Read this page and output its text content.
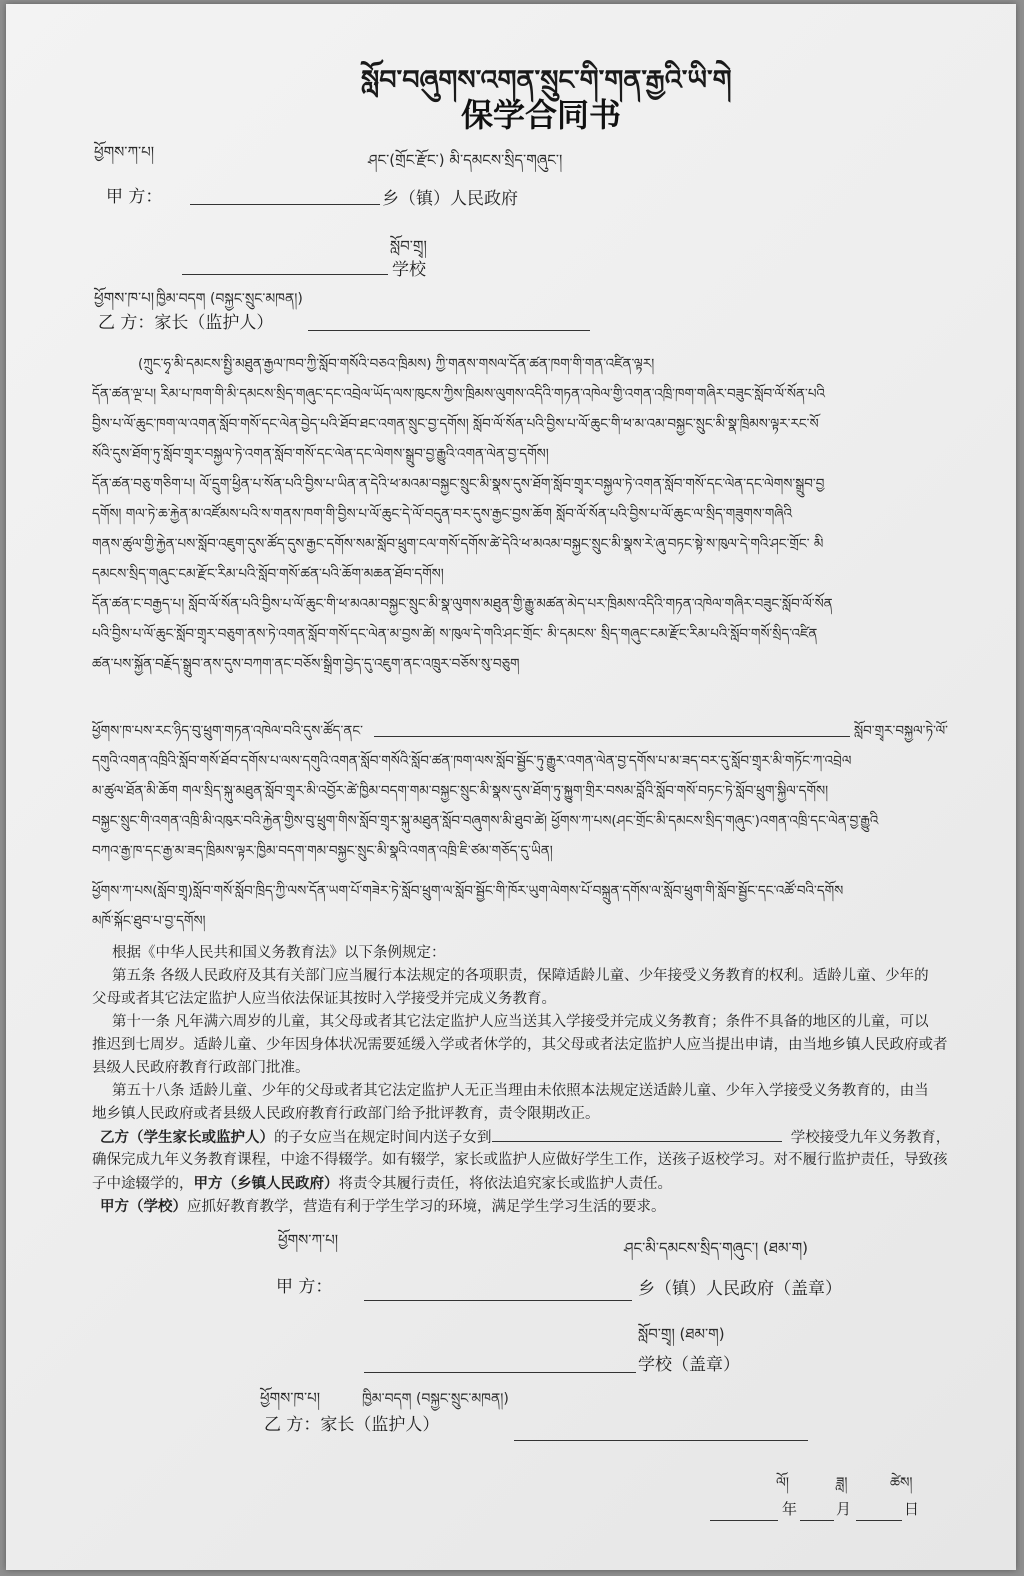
སློབ་བཞུགས་འགན་སྲུང་གི་གན་རྒྱའི་ཡི་གེ
保学合同书
ཕྱོགས་ཀ་པ།	ཤང་(གྲོང་རྫོང་) མི་དམངས་སྲིད་གཞུང་།
甲 方：	乡（镇）人民政府
སློབ་གྲྭ།
学校
ཕྱོགས་ཁ་པ། ཁྱིམ་བདག (བསྐྱང་སྲུང་མཁན།)
乙 方：家长（监护人）
(ཀྲུང་ཧྭ་མི་དམངས་སྤྱི་མཐུན་རྒྱལ་ཁབ་ཀྱི་སློབ་གསོའི་བཅའ་ཁྲིམས) ཀྱི་གནས་གསལ་དོན་ཚན་ཁག་གི་གན་འཛིན་ལྟར།
དོན་ཚན་ལྔ་པ། རིམ་པ་ཁག་གི་མི་དམངས་སྲིད་གཞུང་དང་འབྲེལ་ཡོད་ལས་ཁུངས་ཀྱིས་ཁྲིམས་ལུགས་འདིའི་གཏན་འཁེལ་གྱི་འགན་འཁྲི་ཁག་གཞིར་བཟུང་སློབ་ལོ་སོན་པའི
བྱིས་པ་ལོ་ཆུང་ཁག་ལ་འགན་སློབ་གསོ་དང་ལེན་བྱེད་པའི་ཐོབ་ཐང་འགན་སྲུང་བྱ་དགོས། སློབ་ལོ་སོན་པའི་བྱིས་པ་ལོ་ཆུང་གི་ཕ་མ་འམ་བསྐྱང་སྲུང་མི་སྣ་ཁྲིམས་ལྟར་རང་སོ
སོའི་དུས་ཐོག་ཏུ་སློབ་གྲྭར་བསྐྱལ་ཏེ་འགན་སློབ་གསོ་དང་ལེན་དང་ལེགས་སྒྲུབ་བྱ་རྒྱུའི་འགན་ལེན་བྱ་དགོས།
དོན་ཚན་བཅུ་གཅིག་པ། ལོ་དྲུག་ཕྱིན་པ་སོན་པའི་བྱིས་པ་ཡིན་ན་དེའི་ཕ་མའམ་བསྐྱང་སྲུང་མི་སྣས་དུས་ཐོག་སློབ་གྲྭར་བསྐྱལ་ཏེ་འགན་སློབ་གསོ་དང་ལེན་དང་ལེགས་སྒྲུབ་བྱ
དགོས། གལ་ཏེ་ཆ་རྐྱེན་མ་འཛོམས་པའི་ས་གནས་ཁག་གི་བྱིས་པ་ལོ་ཆུང་དེ་ལོ་བདུན་བར་དུས་རྒྱང་བྱས་ཆོག སློབ་ལོ་སོན་པའི་བྱིས་པ་ལོ་ཆུང་ལ་སྲིད་གཟུགས་གཞིའི
གནས་ཚུལ་གྱི་རྐྱེན་པས་སློབ་འཇུག་དུས་ཚོད་དུས་རྒྱང་དགོས་སམ་སློབ་ཕྲུག་ངལ་གསོ་དགོས་ཚེ་དེའི་ཕ་མའམ་བསྐྱང་སྲུང་མི་སྣས་རེ་ཞུ་བཏང་སྟེ་ས་ཁུལ་དེ་གའི་ཤང་གྲོང་ མི
དམངས་སྲིད་གཞུང་ངམ་རྫོང་རིམ་པའི་སློབ་གསོ་ཚན་པའི་ཆོག་མཆན་ཐོབ་དགོས།
དོན་ཚན་ང་བརྒྱད་པ། སློབ་ལོ་སོན་པའི་བྱིས་པ་ལོ་ཆུང་གི་ཕ་མའམ་བསྐྱང་སྲུང་མི་སྣ་ལུགས་མཐུན་གྱི་རྒྱུ་མཚན་མེད་པར་ཁྲིམས་འདིའི་གཏན་འཁེལ་གཞིར་བཟུང་སློབ་ལོ་སོན
པའི་བྱིས་པ་ལོ་ཆུང་སློབ་གྲྭར་བཅུག་ནས་ཏེ་འགན་སློབ་གསོ་དང་ལེན་མ་བྱས་ཚེ། ས་ཁུལ་དེ་གའི་ཤང་གྲོང་ མི་དམངས་ སྲིད་གཞུང་ངམ་རྫོང་རིམ་པའི་སློབ་གསོ་སྲིད་འཛིན
ཚན་པས་སྐྱོན་བརྗོད་སྒྲུབ་ནས་དུས་བཀག་ནང་བཅོས་སྒྲིག་བྱེད་དུ་འཇུག་ནང་འཁྲུར་བཅོས་སུ་བཅུག
ཕྱོགས་ཁ་པས་རང་ཉིད་བུ་ཕྲུག་གཏན་འཁེལ་བའི་དུས་ཚོད་ནང་	སློབ་གྲྭར་བསྐྱལ་ཏེ་ལོ་
དགུའི་འགན་འཁྲིའི་སློབ་གསོ་ཐོབ་དགོས་པ་ལས་དགུའི་འགན་སློབ་གསོའི་སློབ་ཚན་ཁག་ལས་སློབ་སྦྱོང་ཏུ་རྒྱུར་འགན་ལེན་བྱ་དགོས་པ་མ་ཟད་བར་དུ་སློབ་གྲྭར་མི་གཏོང་ཀ་འབྲེལ
མ་ཚུལ་ཐོན་མི་ཆོག གལ་སྲིད་སྐུ་མཐུན་སློབ་གྲྭར་མི་འབྱོར་ཚེ་ཁྱིམ་བདག་གམ་བསྐྱང་སྲུང་མི་སྣས་དུས་ཐོག་ཏུ་སྐྱུག་གྲིར་བསམ་བློའི་སློབ་གསོ་བཏང་ཏེ་སློབ་ཕྲུག་སྐྱིལ་དགོས།
བསྐྱང་སྲུང་གི་འགན་འཁྲི་མི་འཁུར་བའི་རྐྱེན་གྱིས་བུ་ཕྲུག་གིས་སློབ་གྲྭར་སྐུ་མཐུན་སློབ་བཞུགས་མི་ཐུབ་ཚེ། ཕྱོགས་ཀ་པས(ཤང་གྲོང་མི་དམངས་སྲིད་གཞུང་)འགན་འཁྲི་དང་ལེན་བྱ་རྒྱུའི
བཀའ་རྒྱ་ཁ་དང་རྒྱ་མ་ཟད་ཁྲིམས་ལྟར་ཁྱིམ་བདག་གམ་བསྐྱང་སྲུང་མི་སྣའི་འགན་འཁྲི་ཇི་ཙམ་གཅོད་དུ་ཡིན།
ཕྱོགས་ཀ་པས(སློབ་གྲྭ)སློབ་གསོ་སློབ་ཁྲིད་ཀྱི་ལས་དོན་ཡག་པོ་གཟེར་ཏེ་སློབ་ཕྲུག་ལ་སློབ་སྦྱོང་གི་ཁོར་ཡུག་ལེགས་པོ་བསྐྲུན་དགོས་ལ་སློབ་ཕྲུག་གི་སློབ་སྦྱོང་དང་འཚོ་བའི་དགོས
མཁོ་སྐོང་ཐུབ་པ་བྱ་དགོས།
根据《中华人民共和国义务教育法》以下条例规定：
第五条 各级人民政府及其有关部门应当履行本法规定的各项职责，保障适龄儿童、少年接受义务教育的权利。适龄儿童、少年的
父母或者其它法定监护人应当依法保证其按时入学接受并完成义务教育。
第十一条 凡年满六周岁的儿童，其父母或者其它法定监护人应当送其入学接受并完成义务教育；条件不具备的地区的儿童，可以
推迟到七周岁。适龄儿童、少年因身体状况需要延缓入学或者休学的，其父母或者法定监护人应当提出申请，由当地乡镇人民政府或者
县级人民政府教育行政部门批准。
第五十八条 适龄儿童、少年的父母或者其它法定监护人无正当理由未依照本法规定送适龄儿童、少年入学接受义务教育的，由当
地乡镇人民政府或者县级人民政府教育行政部门给予批评教育，责令限期改正。
乙方（学生家长或监护人）的子女应当在规定时间内送子女到	学校接受九年义务教育，
确保完成九年义务教育课程，中途不得辍学。如有辍学，家长或监护人应做好学生工作，送孩子返校学习。对不履行监护责任，导致孩
子中途辍学的，甲方（乡镇人民政府）将责令其履行责任，将依法追究家长或监护人责任。
甲方（学校）应抓好教育教学，营造有利于学生学习的环境，满足学生学习生活的要求。
ཕྱོགས་ཀ་པ།	ཤང་མི་དམངས་སྲིད་གཞུང་། (ཐམ་ག)
甲 方：	乡（镇）人民政府（盖章）
སློབ་གྲྭ། (ཐམ་ག)
学校（盖章）
ཕྱོགས་ཁ་པ།	ཁྱིམ་བདག (བསྐྱང་སྲུང་མཁན།)
乙 方：家长（监护人）
ལོ།	ཟླ།	ཚེས།
年	月	日
